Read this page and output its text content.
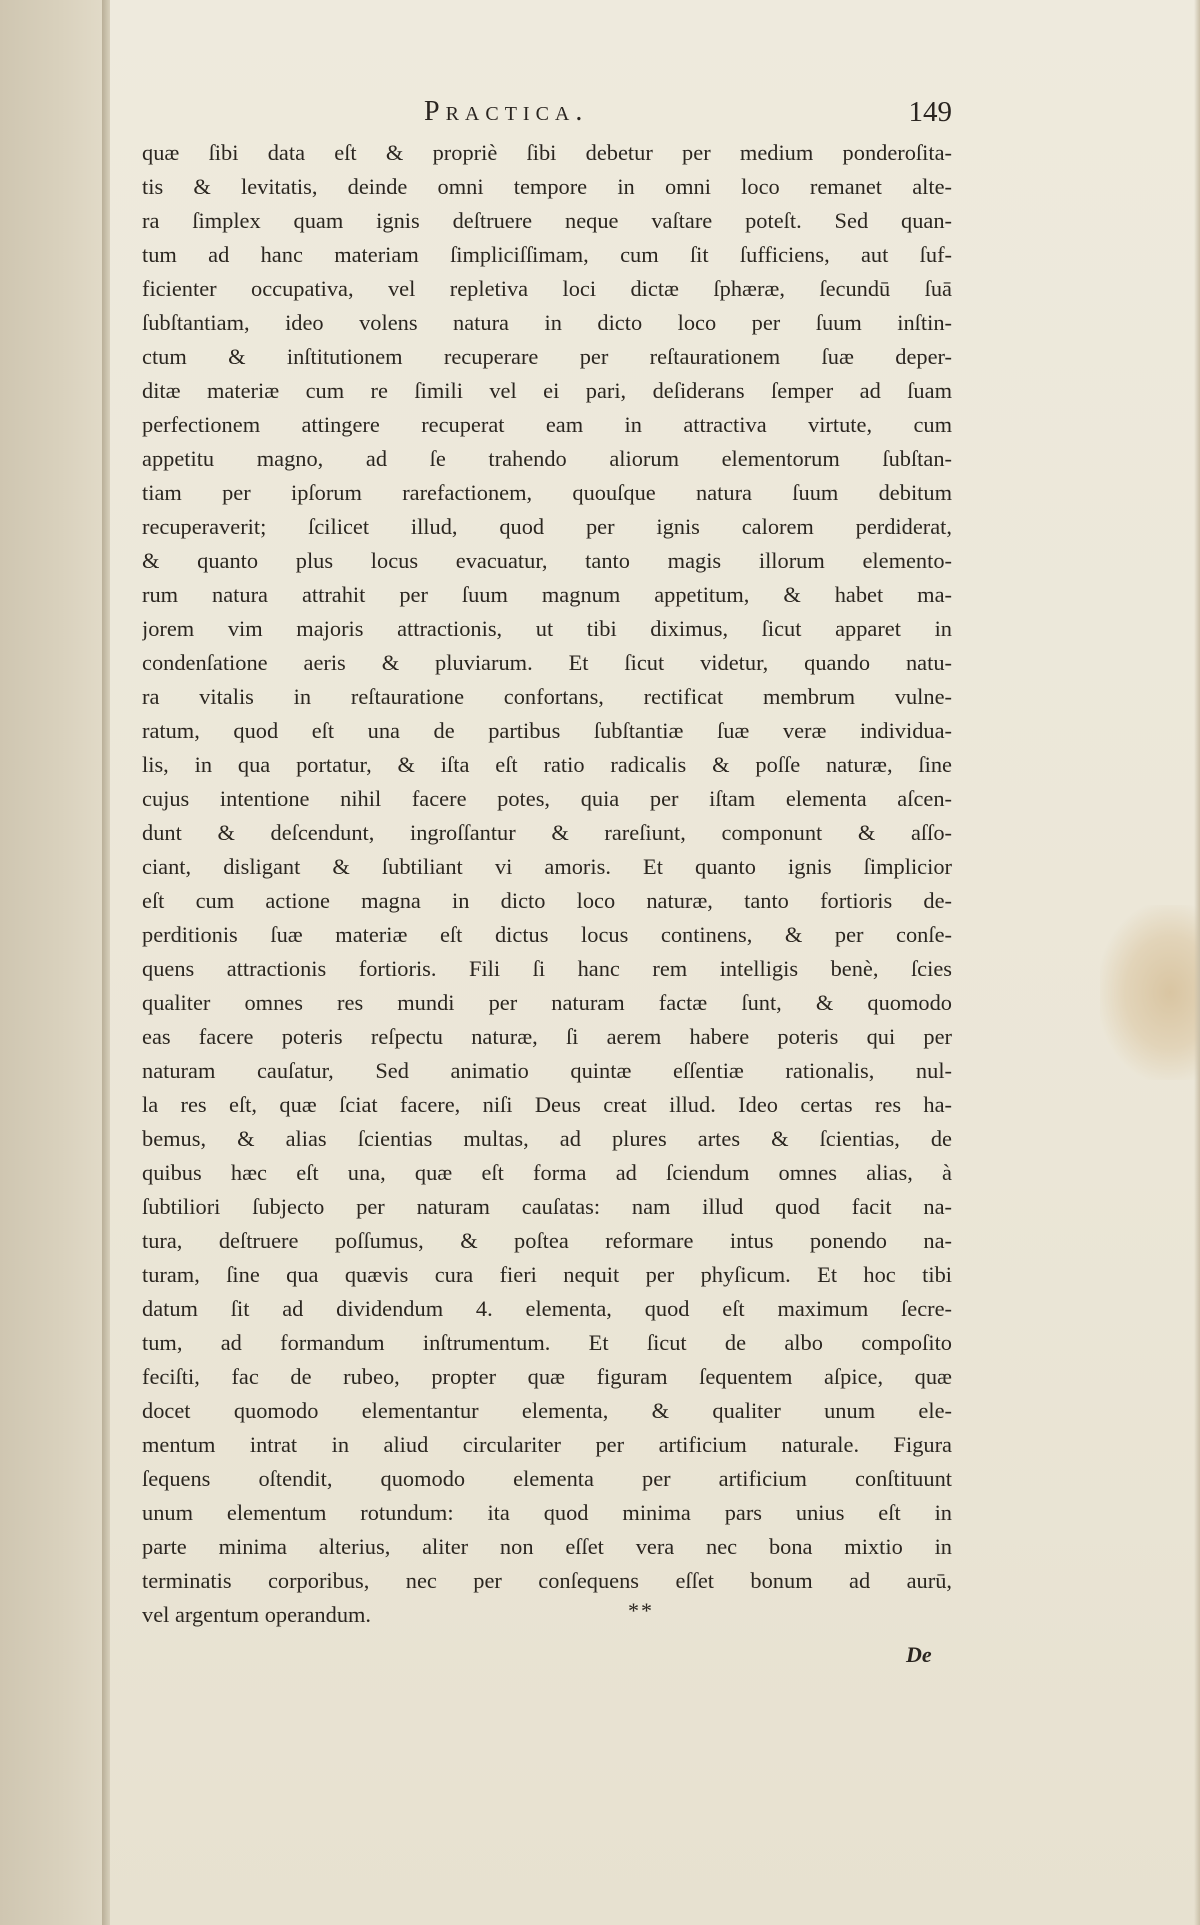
Practica.	149
quæ ſibi data eſt & propriè ſibi debetur per medium ponderoſita-
tis & levitatis, deinde omni tempore in omni loco remanet alte-
ra ſimplex quam ignis deſtruere neque vaſtare poteſt. Sed quan-
tum ad hanc materiam ſimpliciſſimam, cum ſit ſufficiens, aut ſuf-
ficienter occupativa, vel repletiva loci dictæ ſphæræ, ſecundū ſuā
ſubſtantiam, ideo volens natura in dicto loco per ſuum inſtin-
ctum & inſtitutionem recuperare per reſtaurationem ſuæ deper-
ditæ materiæ cum re ſimili vel ei pari, deſiderans ſemper ad ſuam
perfectionem attingere recuperat eam in attractiva virtute, cum
appetitu magno, ad ſe trahendo aliorum elementorum ſubſtan-
tiam per ipſorum rarefactionem, quouſque natura ſuum debitum
recuperaverit; ſcilicet illud, quod per ignis calorem perdiderat,
& quanto plus locus evacuatur, tanto magis illorum elemento-
rum natura attrahit per ſuum magnum appetitum, & habet ma-
jorem vim majoris attractionis, ut tibi diximus, ſicut apparet in
condenſatione aeris & pluviarum. Et ſicut videtur, quando natu-
ra vitalis in reſtauratione confortans, rectificat membrum vulne-
ratum, quod eſt una de partibus ſubſtantiæ ſuæ veræ individua-
lis, in qua portatur, & iſta eſt ratio radicalis & poſſe naturæ, ſine
cujus intentione nihil facere potes, quia per iſtam elementa aſcen-
dunt & deſcendunt, ingroſſantur & rareſiunt, componunt & aſſo-
ciant, disligant & ſubtiliant vi amoris. Et quanto ignis ſimplicior
eſt cum actione magna in dicto loco naturæ, tanto fortioris de-
perditionis ſuæ materiæ eſt dictus locus continens, & per conſe-
quens attractionis fortioris. Fili ſi hanc rem intelligis benè, ſcies
qualiter omnes res mundi per naturam factæ ſunt, & quomodo
eas facere poteris reſpectu naturæ, ſi aerem habere poteris qui per
naturam cauſatur, Sed animatio quintæ eſſentiæ rationalis, nul-
la res eſt, quæ ſciat facere, niſi Deus creat illud. Ideo certas res ha-
bemus, & alias ſcientias multas, ad plures artes & ſcientias, de
quibus hæc eſt una, quæ eſt forma ad ſciendum omnes alias, à
ſubtiliori ſubjecto per naturam cauſatas: nam illud quod facit na-
tura, deſtruere poſſumus, & poſtea reformare intus ponendo na-
turam, ſine qua quævis cura fieri nequit per phyſicum. Et hoc tibi
datum ſit ad dividendum 4. elementa, quod eſt maximum ſecre-
tum, ad formandum inſtrumentum. Et ſicut de albo compoſito
feciſti, fac de rubeo, propter quæ figuram ſequentem aſpice, quæ
docet quomodo elementantur elementa, & qualiter unum ele-
mentum intrat in aliud circulariter per artificium naturale. Figura
ſequens oſtendit, quomodo elementa per artificium conſtituunt
unum elementum rotundum: ita quod minima pars unius eſt in
parte minima alterius, aliter non eſſet vera nec bona mixtio in
terminatis corporibus, nec per conſequens eſſet bonum ad aurū,
vel argentum operandum.	**
De
